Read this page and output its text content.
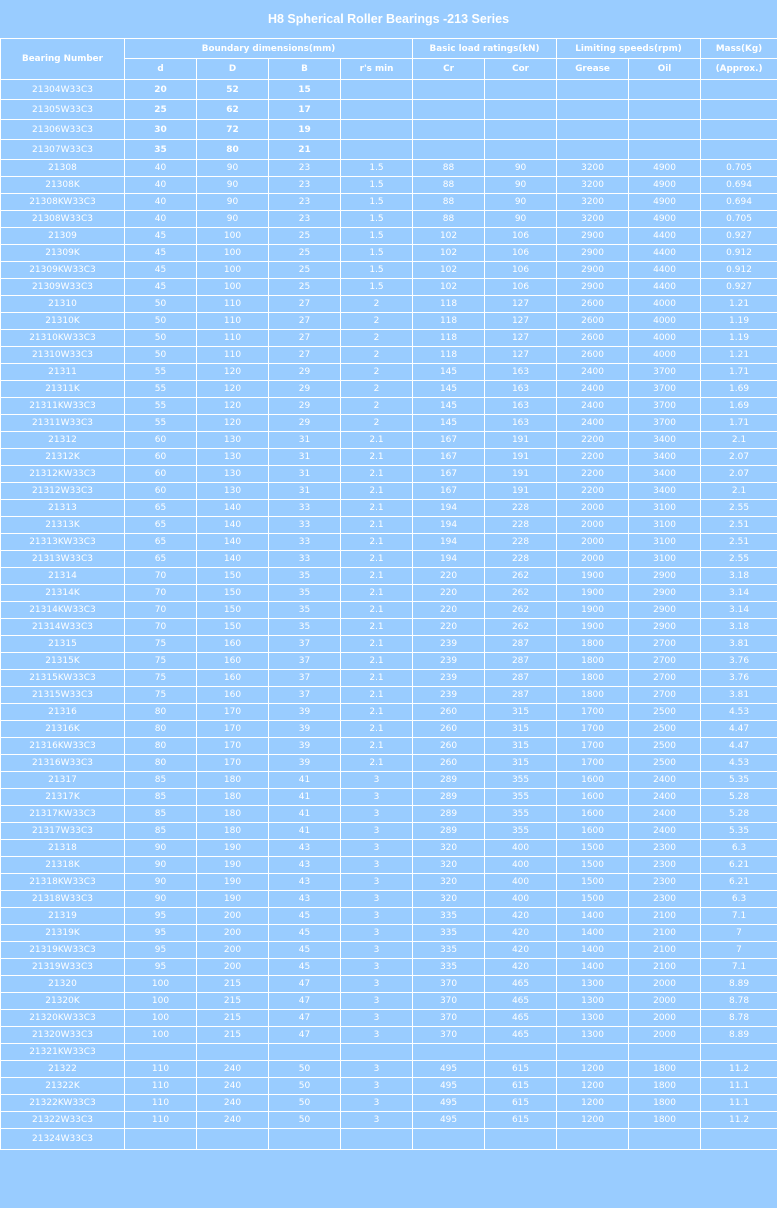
H8 Spherical Roller Bearings -213 Series
Bearing Number	Boundary dimensions(mm)				Basic load ratings(kN)		Limiting speeds(rpm)		Mass(Kg)
	d	D	B	r's min	Cr	Cor	Grease	Oil	(Approx.)
21304W33C3	20	52	15						
21305W33C3	25	62	17						
21306W33C3	30	72	19						
21307W33C3	35	80	21						
21308	40	90	23	1.5	88	90	3200	4900	0.705
21308K	40	90	23	1.5	88	90	3200	4900	0.694
21308KW33C3	40	90	23	1.5	88	90	3200	4900	0.694
21308W33C3	40	90	23	1.5	88	90	3200	4900	0.705
21309	45	100	25	1.5	102	106	2900	4400	0.927
21309K	45	100	25	1.5	102	106	2900	4400	0.912
21309KW33C3	45	100	25	1.5	102	106	2900	4400	0.912
21309W33C3	45	100	25	1.5	102	106	2900	4400	0.927
21310	50	110	27	2	118	127	2600	4000	1.21
21310K	50	110	27	2	118	127	2600	4000	1.19
21310KW33C3	50	110	27	2	118	127	2600	4000	1.19
21310W33C3	50	110	27	2	118	127	2600	4000	1.21
21311	55	120	29	2	145	163	2400	3700	1.71
21311K	55	120	29	2	145	163	2400	3700	1.69
21311KW33C3	55	120	29	2	145	163	2400	3700	1.69
21311W33C3	55	120	29	2	145	163	2400	3700	1.71
21312	60	130	31	2.1	167	191	2200	3400	2.1
21312K	60	130	31	2.1	167	191	2200	3400	2.07
21312KW33C3	60	130	31	2.1	167	191	2200	3400	2.07
21312W33C3	60	130	31	2.1	167	191	2200	3400	2.1
21313	65	140	33	2.1	194	228	2000	3100	2.55
21313K	65	140	33	2.1	194	228	2000	3100	2.51
21313KW33C3	65	140	33	2.1	194	228	2000	3100	2.51
21313W33C3	65	140	33	2.1	194	228	2000	3100	2.55
21314	70	150	35	2.1	220	262	1900	2900	3.18
21314K	70	150	35	2.1	220	262	1900	2900	3.14
21314KW33C3	70	150	35	2.1	220	262	1900	2900	3.14
21314W33C3	70	150	35	2.1	220	262	1900	2900	3.18
21315	75	160	37	2.1	239	287	1800	2700	3.81
21315K	75	160	37	2.1	239	287	1800	2700	3.76
21315KW33C3	75	160	37	2.1	239	287	1800	2700	3.76
21315W33C3	75	160	37	2.1	239	287	1800	2700	3.81
21316	80	170	39	2.1	260	315	1700	2500	4.53
21316K	80	170	39	2.1	260	315	1700	2500	4.47
21316KW33C3	80	170	39	2.1	260	315	1700	2500	4.47
21316W33C3	80	170	39	2.1	260	315	1700	2500	4.53
21317	85	180	41	3	289	355	1600	2400	5.35
21317K	85	180	41	3	289	355	1600	2400	5.28
21317KW33C3	85	180	41	3	289	355	1600	2400	5.28
21317W33C3	85	180	41	3	289	355	1600	2400	5.35
21318	90	190	43	3	320	400	1500	2300	6.3
21318K	90	190	43	3	320	400	1500	2300	6.21
21318KW33C3	90	190	43	3	320	400	1500	2300	6.21
21318W33C3	90	190	43	3	320	400	1500	2300	6.3
21319	95	200	45	3	335	420	1400	2100	7.1
21319K	95	200	45	3	335	420	1400	2100	7
21319KW33C3	95	200	45	3	335	420	1400	2100	7
21319W33C3	95	200	45	3	335	420	1400	2100	7.1
21320	100	215	47	3	370	465	1300	2000	8.89
21320K	100	215	47	3	370	465	1300	2000	8.78
21320KW33C3	100	215	47	3	370	465	1300	2000	8.78
21320W33C3	100	215	47	3	370	465	1300	2000	8.89
21321KW33C3									
21322	110	240	50	3	495	615	1200	1800	11.2
21322K	110	240	50	3	495	615	1200	1800	11.1
21322KW33C3	110	240	50	3	495	615	1200	1800	11.1
21322W33C3	110	240	50	3	495	615	1200	1800	11.2
21324W33C3									
